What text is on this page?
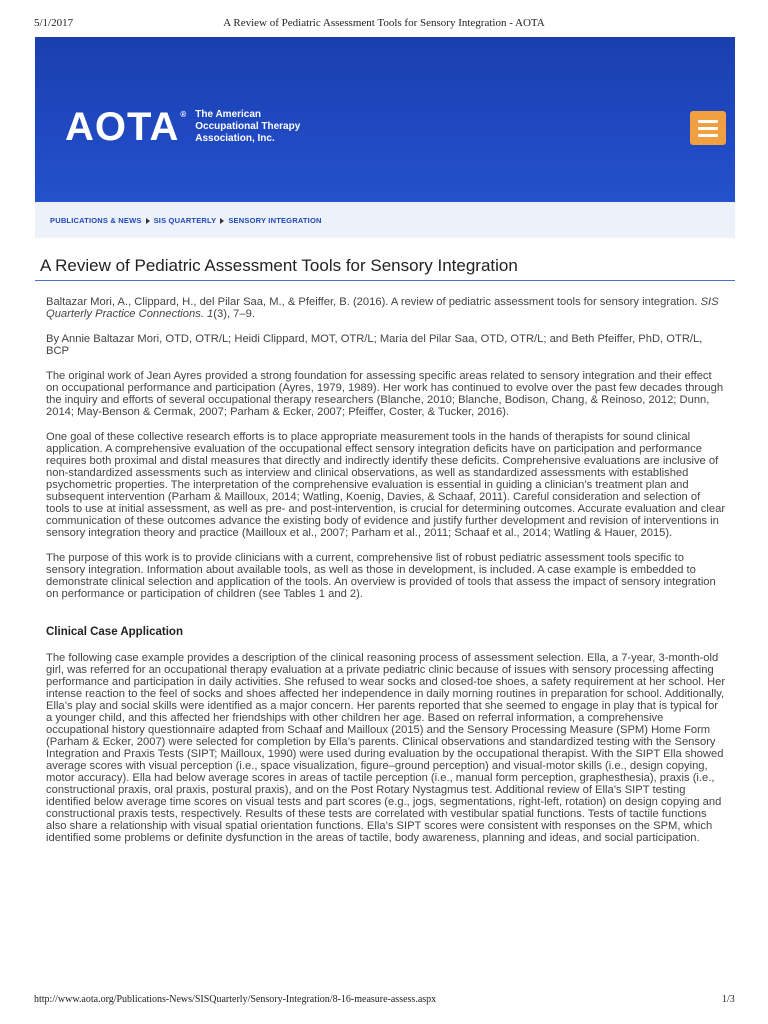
5/1/2017	A Review of Pediatric Assessment Tools for Sensory Integration - AOTA
AOTA® The American
Occupational Therapy
Association, Inc.
PUBLICATIONS & NEWS SIS QUARTERLY SENSORY INTEGRATION
A Review of Pediatric Assessment Tools for Sensory Integration

Baltazar Mori, A., Clippard, H., del Pilar Saa, M., & Pfeiffer, B. (2016). A review of pediatric assessment tools for sensory integration. SIS Quarterly Practice Connections. 1(3), 7–9.

By Annie Baltazar Mori, OTD, OTR/L; Heidi Clippard, MOT, OTR/L; Maria del Pilar Saa, OTD, OTR/L; and Beth Pfeiffer, PhD, OTR/L, BCP

The original work of Jean Ayres provided a strong foundation for assessing specific areas related to sensory integration and their effect on occupational performance and participation (Ayres, 1979, 1989). Her work has continued to evolve over the past few decades through the inquiry and efforts of several occupational therapy researchers (Blanche, 2010; Blanche, Bodison, Chang, & Reinoso, 2012; Dunn, 2014; May-Benson & Cermak, 2007; Parham & Ecker, 2007; Pfeiffer, Coster, & Tucker, 2016).

One goal of these collective research efforts is to place appropriate measurement tools in the hands of therapists for sound clinical application. A comprehensive evaluation of the occupational effect sensory integration deficits have on participation and performance requires both proximal and distal measures that directly and indirectly identify these deficits. Comprehensive evaluations are inclusive of non-standardized assessments such as interview and clinical observations, as well as standardized assessments with established psychometric properties. The interpretation of the comprehensive evaluation is essential in guiding a clinician’s treatment plan and subsequent intervention (Parham & Mailloux, 2014; Watling, Koenig, Davies, & Schaaf, 2011). Careful consideration and selection of tools to use at initial assessment, as well as pre- and post-intervention, is crucial for determining outcomes. Accurate evaluation and clear communication of these outcomes advance the existing body of evidence and justify further development and revision of interventions in sensory integration theory and practice (Mailloux et al., 2007; Parham et al., 2011; Schaaf et al., 2014; Watling & Hauer, 2015).

The purpose of this work is to provide clinicians with a current, comprehensive list of robust pediatric assessment tools specific to sensory integration. Information about available tools, as well as those in development, is included. A case example is embedded to demonstrate clinical selection and application of the tools. An overview is provided of tools that assess the impact of sensory integration on performance or participation of children (see Tables 1 and 2).

Clinical Case Application

The following case example provides a description of the clinical reasoning process of assessment selection. Ella, a 7-year, 3-month-old girl, was referred for an occupational therapy evaluation at a private pediatric clinic because of issues with sensory processing affecting performance and participation in daily activities. She refused to wear socks and closed-toe shoes, a safety requirement at her school. Her intense reaction to the feel of socks and shoes affected her independence in daily morning routines in preparation for school. Additionally, Ella’s play and social skills were identified as a major concern. Her parents reported that she seemed to engage in play that is typical for a younger child, and this affected her friendships with other children her age. Based on referral information, a comprehensive occupational history questionnaire adapted from Schaaf and Mailloux (2015) and the Sensory Processing Measure (SPM) Home Form (Parham & Ecker, 2007) were selected for completion by Ella’s parents. Clinical observations and standardized testing with the Sensory Integration and Praxis Tests (SIPT; Mailloux, 1990) were used during evaluation by the occupational therapist. With the SIPT Ella showed average scores with visual perception (i.e., space visualization, figure–ground perception) and visual-motor skills (i.e., design copying, motor accuracy). Ella had below average scores in areas of tactile perception (i.e., manual form perception, graphesthesia), praxis (i.e., constructional praxis, oral praxis, postural praxis), and on the Post Rotary Nystagmus test. Additional review of Ella’s SIPT testing identified below average time scores on visual tests and part scores (e.g., jogs, segmentations, right-left, rotation) on design copying and constructional praxis tests, respectively. Results of these tests are correlated with vestibular spatial functions. Tests of tactile functions also share a relationship with visual spatial orientation functions. Ella’s SIPT scores were consistent with responses on the SPM, which identified some problems or definite dysfunction in the areas of tactile, body awareness, planning and ideas, and social participation.

http://www.aota.org/Publications-News/SISQuarterly/Sensory-Integration/8-16-measure-assess.aspx	1/3
